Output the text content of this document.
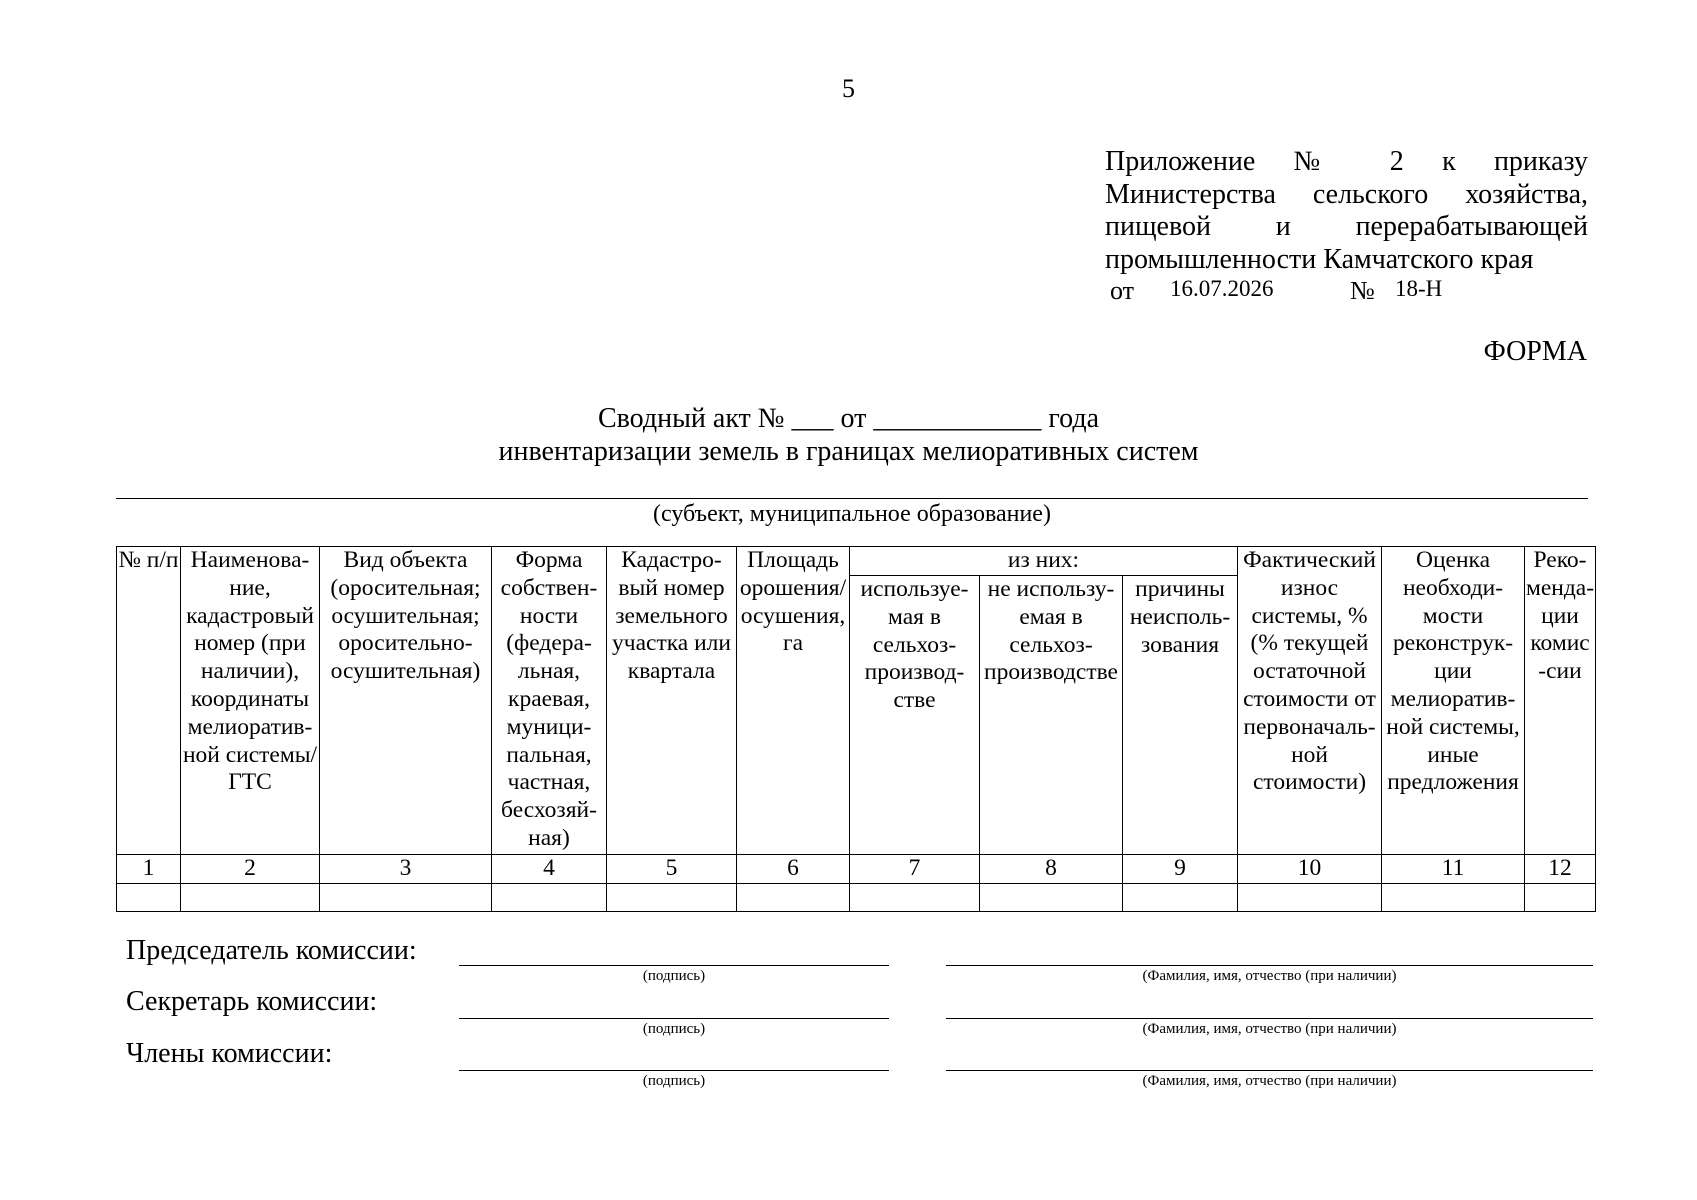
5
Приложение № 2 к приказу
Министерства сельского хозяйства,
пищевой и перерабатывающей
промышленности Камчатского края
от 16.07.2026	№ 18-Н
ФОРМА
Сводный акт № ___ от ____________ года
инвентаризации земель в границах мелиоративных систем
(субъект, муниципальное образование)
№ п/п	Наименова-ние, кадастровый номер (при наличии), координаты мелиоратив-ной системы/ ГТС	Вид объекта (оросительная; осушительная; оросительно-осушительная)	Форма собствен-ности (федера-льная, краевая, муници-пальная, частная, бесхозяй-ная)	Кадастро-вый номер земельного участка или квартала	Площадь орошения/ осушения, га	из них:			Фактический износ системы, % (% текущей остаточной стоимости от первоначаль-ной стоимости)	Оценка необходи-мости реконструк-ции мелиоратив-ной системы, иные предложения	Реко-менда-ции комис -сии
						используе-мая в сельхоз-производ-стве	не использу-емая в сельхоз-производстве	причины неисполь-зования			
1	2	3	4	5	6	7	8	9	10	11	12

Председатель комиссии:
(подпись)	(Фамилия, имя, отчество (при наличии)
Секретарь комиссии:
(подпись)	(Фамилия, имя, отчество (при наличии)
Члены комиссии:
(подпись)	(Фамилия, имя, отчество (при наличии)
